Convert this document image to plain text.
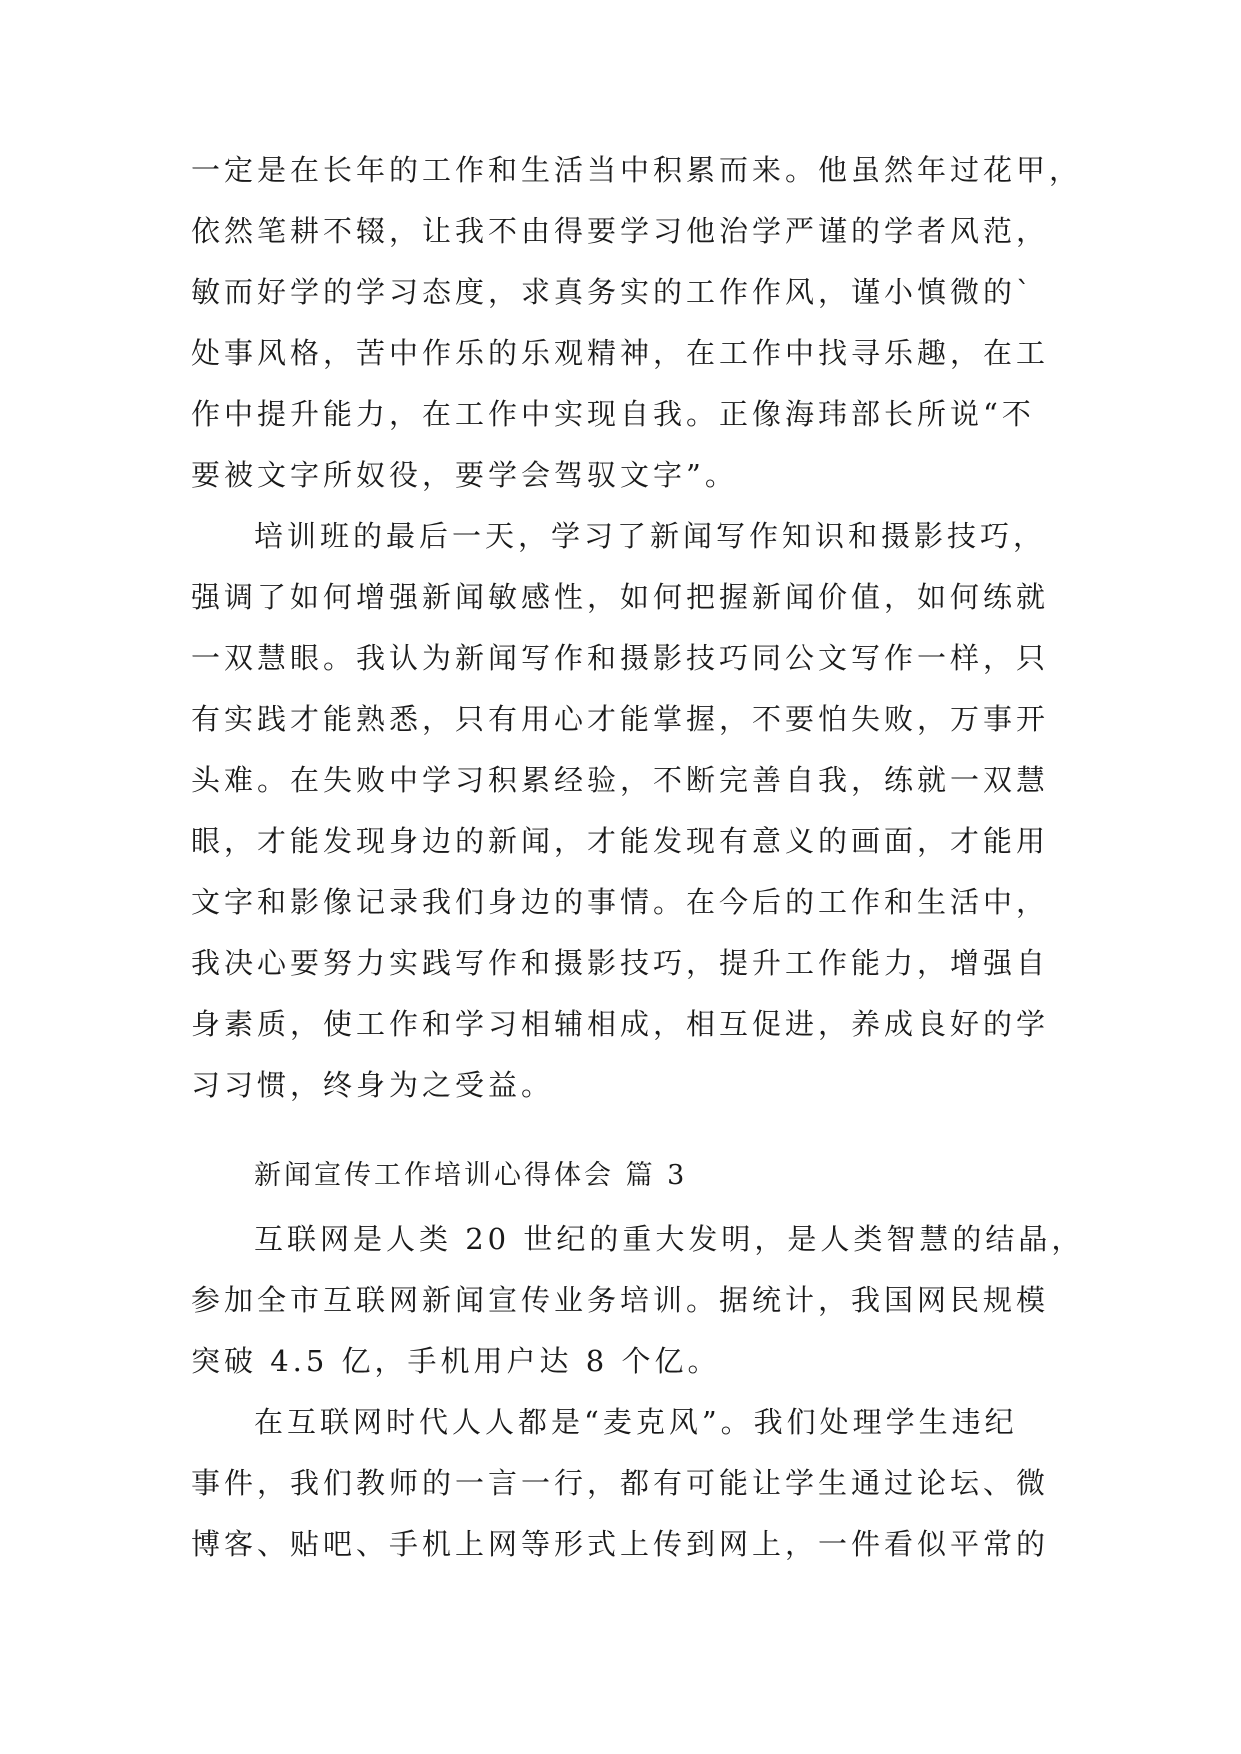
一定是在长年的工作和生活当中积累而来。他虽然年过花甲，
依然笔耕不辍，让我不由得要学习他治学严谨的学者风范，
敏而好学的学习态度，求真务实的工作作风，谨小慎微的`
处事风格，苦中作乐的乐观精神，在工作中找寻乐趣，在工
作中提升能力，在工作中实现自我。正像海玮部长所说“不
要被文字所奴役，要学会驾驭文字”。
培训班的最后一天，学习了新闻写作知识和摄影技巧，
强调了如何增强新闻敏感性，如何把握新闻价值，如何练就
一双慧眼。我认为新闻写作和摄影技巧同公文写作一样，只
有实践才能熟悉，只有用心才能掌握，不要怕失败，万事开
头难。在失败中学习积累经验，不断完善自我，练就一双慧
眼，才能发现身边的新闻，才能发现有意义的画面，才能用
文字和影像记录我们身边的事情。在今后的工作和生活中，
我决心要努力实践写作和摄影技巧，提升工作能力，增强自
身素质，使工作和学习相辅相成，相互促进，养成良好的学
习习惯，终身为之受益。
新闻宣传工作培训心得体会 篇 3
互联网是人类 20 世纪的重大发明，是人类智慧的结晶，
参加全市互联网新闻宣传业务培训。据统计，我国网民规模
突破 4.5 亿，手机用户达 8 个亿。
在互联网时代人人都是“麦克风”。我们处理学生违纪
事件，我们教师的一言一行，都有可能让学生通过论坛、微
博客、贴吧、手机上网等形式上传到网上，一件看似平常的
